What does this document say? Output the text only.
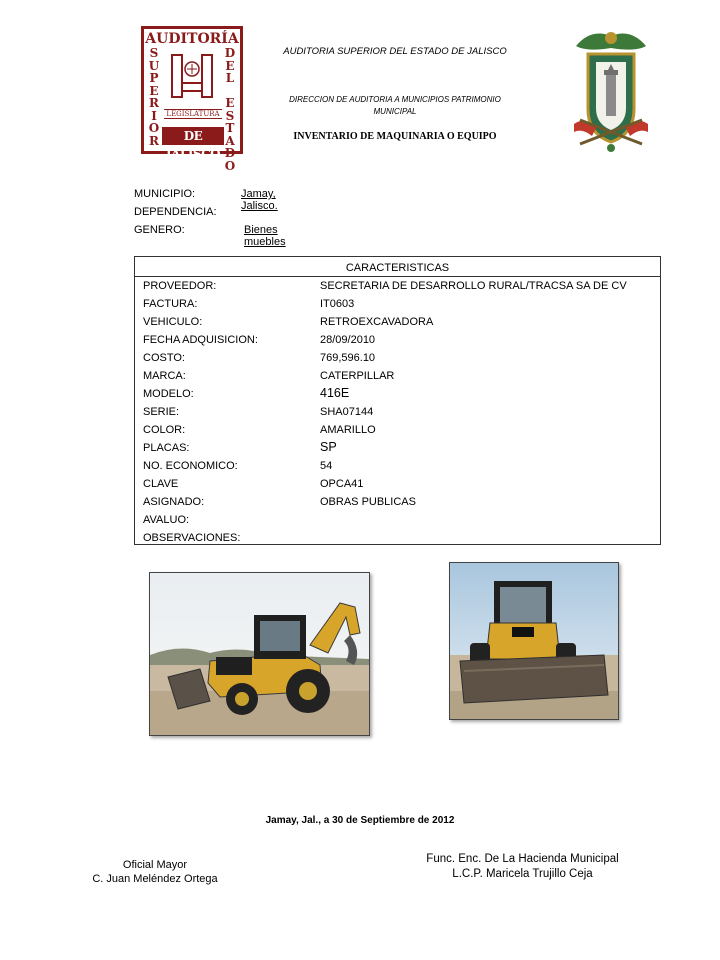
AUDITORÍA
S
U
P
E
R
I
O
R
D
E
L

E
S
T
A
D
O
LEGISLATURA
DE JALISCO
AUDITORIA SUPERIOR DEL ESTADO DE JALISCO
DIRECCION DE AUDITORIA A MUNICIPIOS PATRIMONIO MUNICIPAL
INVENTARIO DE MAQUINARIA O EQUIPO
MUNICIPIO:	Jamay, Jalisco.
DEPENDENCIA:
GENERO:	Bienes muebles
CARACTERISTICAS
PROVEEDOR:	SECRETARIA DE DESARROLLO RURAL/TRACSA SA DE CV
FACTURA:	IT0603
VEHICULO:	RETROEXCAVADORA
FECHA ADQUISICION:	28/09/2010
COSTO:	769,596.10
MARCA:	CATERPILLAR
MODELO:	416E
SERIE:	SHA07144
COLOR:	AMARILLO
PLACAS:	SP
NO. ECONOMICO:	54
CLAVE	OPCA41
ASIGNADO:	OBRAS PUBLICAS
AVALUO:
OBSERVACIONES:
Jamay, Jal., a 30 de Septiembre de 2012
Oficial Mayor
C. Juan Meléndez Ortega
Func. Enc. De La Hacienda Municipal
L.C.P. Maricela Trujillo Ceja
